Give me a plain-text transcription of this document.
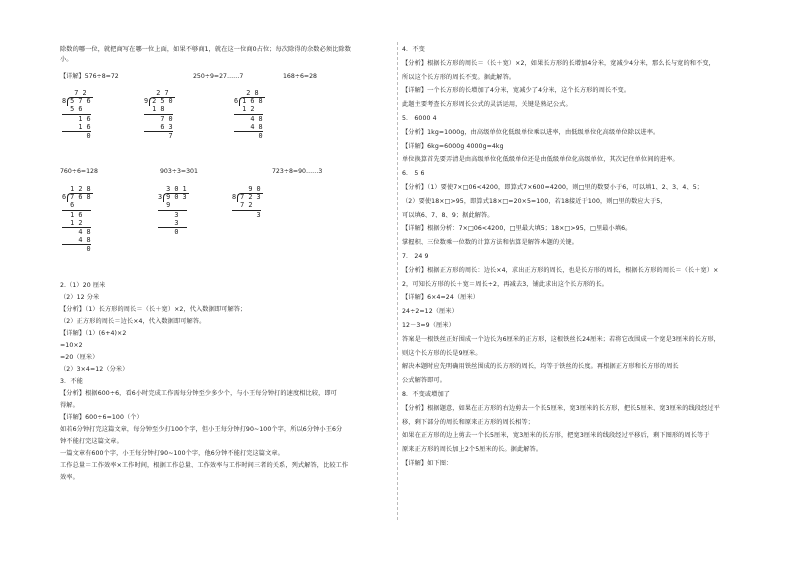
除数的哪一位，就把商写在哪一位上面，如果不够商1，就在这一位商0占位；每次除得的余数必须比除数
小。
【详解】576÷8=72	250÷9=27……7	168÷6=28
7 2
8 5 7 6
5 6
1 6
1 6
0
2 7
9 2 5 0
1 8
7 0
6 3
7
2 8
6 1 6 8
1 2
4 8
4 8
0
760÷6=128	903÷3=301	723÷8=90……3
1 2 8
6 7 6 8
6
1 6
1 2
4 8
4 8
0
3 0 1
3 9 0 3
9
3
3
0
9 0
8 7 2 3
7 2
3
2.（1）20 厘米
（2）12 分米
【分析】（1）长方形的周长＝（长＋宽）×2，代入数据即可解答；
（2）正方形的周长＝边长×4，代入数据即可解答。
【详解】（1）(6+4)×2
=10×2
=20（厘米）
（2）3×4=12（分米）
3．不能
【分析】根据600÷6，看6小时完成工作需每分钟至少多少个，与小王每分钟打的速度相比较，即可
得解。
【详解】600÷6=100（个）
如若6分钟打完这篇文章，每分钟至少打100个字，但小王每分钟打90~100个字，所以6分钟小王6分
钟不能打完这篇文章。
一篇文章有600个字，小王每分钟打90~100个字，他6分钟不能打完这篇文章。
工作总量＝工作效率×工作时间，根据工作总量、工作效率与工作时间三者的关系，列式解答，比较工作
效率。
4．不变
【分析】根据长方形的周长＝（长＋宽）×2，如果长方形的长增加4分米，宽减少4分米，那么长与宽的和不变，
所以这个长方形的周长不变。据此解答。
【详解】一个长方形的长增加了4分米，宽减少了4分米，这个长方形的周长不变。
此题主要考查长方形周长公式的灵活运用，关键是熟记公式。
5． 6000 4
【分析】1kg=1000g，由高级单位化低级单位乘以进率，由低级单位化高级单位除以进率。
【详解】6kg=6000g 4000g=4kg
单位换算首先要弄清是由高级单位化低级单位还是由低级单位化高级单位，其次记住单位间的进率。
6． 5 6
【分析】（1）要使7×□06<4200，即算式7×600=4200，则□里的数要小于6，可以填1、2、3、4、5；
（2）要使18×□>95，即算式18×□=20×5=100，若18接近于100，则□里的数应大于5，
可以填6、7、8、9；据此解答。
【详解】根据分析：7×□06<4200，□里最大填5；18×□>95，□里最小填6。
掌握积、三位数乘一位数的计算方法和估算是解答本题的关键。
7． 24 9
【分析】根据正方形的周长：边长×4，求出正方形的周长，也是长方形的周长，根据长方形的周长＝（长＋宽）×
2，可知长方形的长＋宽＝周长÷2，再减去3，铺此求出这个长方形的长。
【详解】6×4=24（厘米）
24÷2=12（厘米）
12－3=9（厘米）
答案是一根铁丝正好围成一个边长为6厘米的正方形，这根铁丝长24厘米；若将它改围成一个宽是3厘米的长方形，
则这个长方形的长是9厘米。
解决本题时应先明确用铁丝围成的长方形的周长，均等于铁丝的长度。再根据正方形和长方形的周长
公式解答即可。
8．不变或增加了
【分析】根据题意，如果在正方形的右边剪去一个长5厘米，宽3厘米的长方形，把长5厘米、宽3厘米的线段经过平
移，剩下部分的周长和原来正方形的周长相等；
如果在正方形的边上剪去一个长5厘米，宽3厘米的长方形，把宽3厘米的线段经过平移后，剩下图形的周长等于
原来正方形的周长加上2个5厘米的长。据此解答。
【详解】如下图：
